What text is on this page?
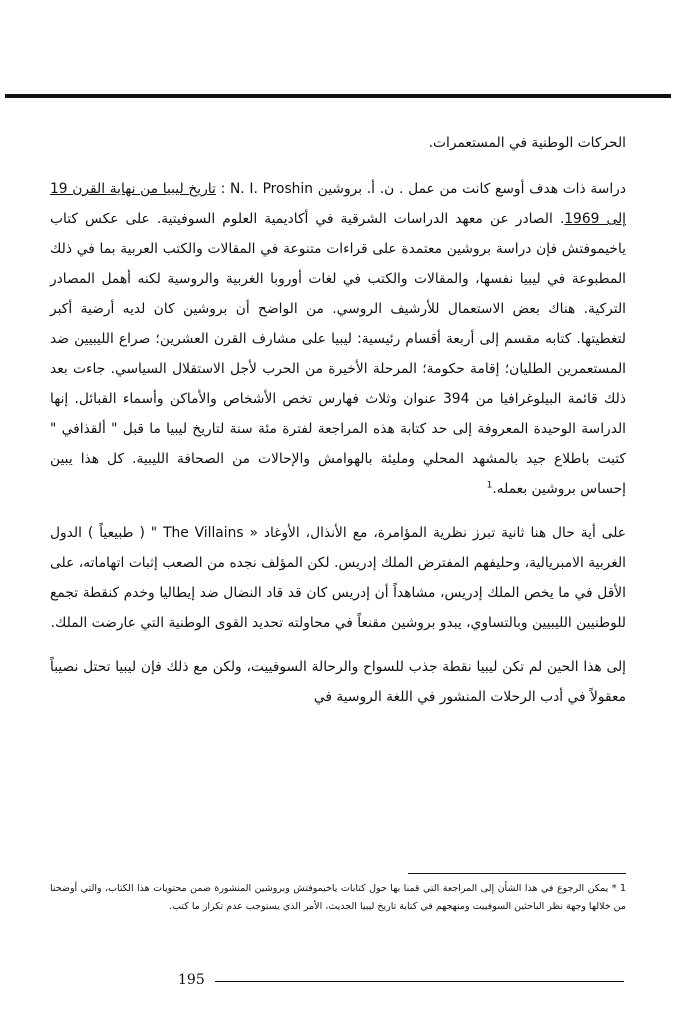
الحركات الوطنية في المستعمرات.

دراسة ذات هدف أوسع كانت من عمل . ن. أ. بروشين N. I. Proshin : تاريخ ليبيا من نهاية القرن 19 إلى 1969. الصادر عن معهد الدراسات الشرقية في أكاديمية العلوم السوفيتية. على عكس كتاب ياخيموفتش فإن دراسة بروشين معتمدة على قراءات متنوعة في المقالات والكتب العربية بما في ذلك المطبوعة في ليبيا نفسها، والمقالات والكتب في لغات أوروبا الغربية والروسية لكنه أهمل المصادر التركية. هناك بعض الاستعمال للأرشيف الروسي. من الواضح أن بروشين كان لديه أرضية أكبر لتغطيتها. كتابه مقسم إلى أربعة أقسام رئيسية: ليبيا على مشارف القرن العشرين؛ صراع الليبيين ضد المستعمرين الطليان؛ إقامة حكومة؛ المرحلة الأخيرة من الحرب لأجل الاستقلال السياسي. جاءت بعد ذلك قائمة البيلوغرافيا من 394 عنوان وثلاث فهارس تخص الأشخاص والأماكن وأسماء القبائل. إنها الدراسة الوحيدة المعروفة إلى حد كتابة هذه المراجعة لفترة مئة سنة لتاريخ ليبيا ما قبل " ألقذافي " كتبت باطلاع جيد بالمشهد المحلي ومليئة بالهوامش والإحالات من الصحافة الليبية. كل هذا يبين إحساس بروشين بعمله.$^1$

على أية حال هنا ثانية تبرز نظرية المؤامرة، مع الأنذال، الأوغاد « The Villains " ( طبيعياً ) الدول الغربية الامبريالية، وحليفهم المفترض الملك إدريس. لكن المؤلف نجده من الصعب إثبات اتهاماته، على الأقل في ما يخص الملك إدريس، مشاهداً أن إدريس كان قد قاد النضال ضد إيطاليا وخدم كنقطة تجمع للوطنيين الليبيين وبالتساوي، يبدو بروشين مقنعاً في محاولته تحديد القوى الوطنية التي عارضت الملك.

إلى هذا الحين لم تكن ليبيا نقطة جذب للسواح والرحالة السوفييت، ولكن مع ذلك فإن ليبيا تحتل نصيباً معقولاً في أدب الرحلات المنشور في اللغة الروسية في

1 * يمكن الرجوع في هذا الشأن إلى المراجعة التي قمنا بها حول كتابات ياخيموفتش وبروشين المنشورة ضمن محتويات هذا الكتاب، والتي أوضحنا من خلالها وجهة نظر الباحثين السوفييت ومنهجهم في كتابة تاريخ ليبيا الحديث، الأمر الذي يستوجب عدم تكرار ما كتب.
195
